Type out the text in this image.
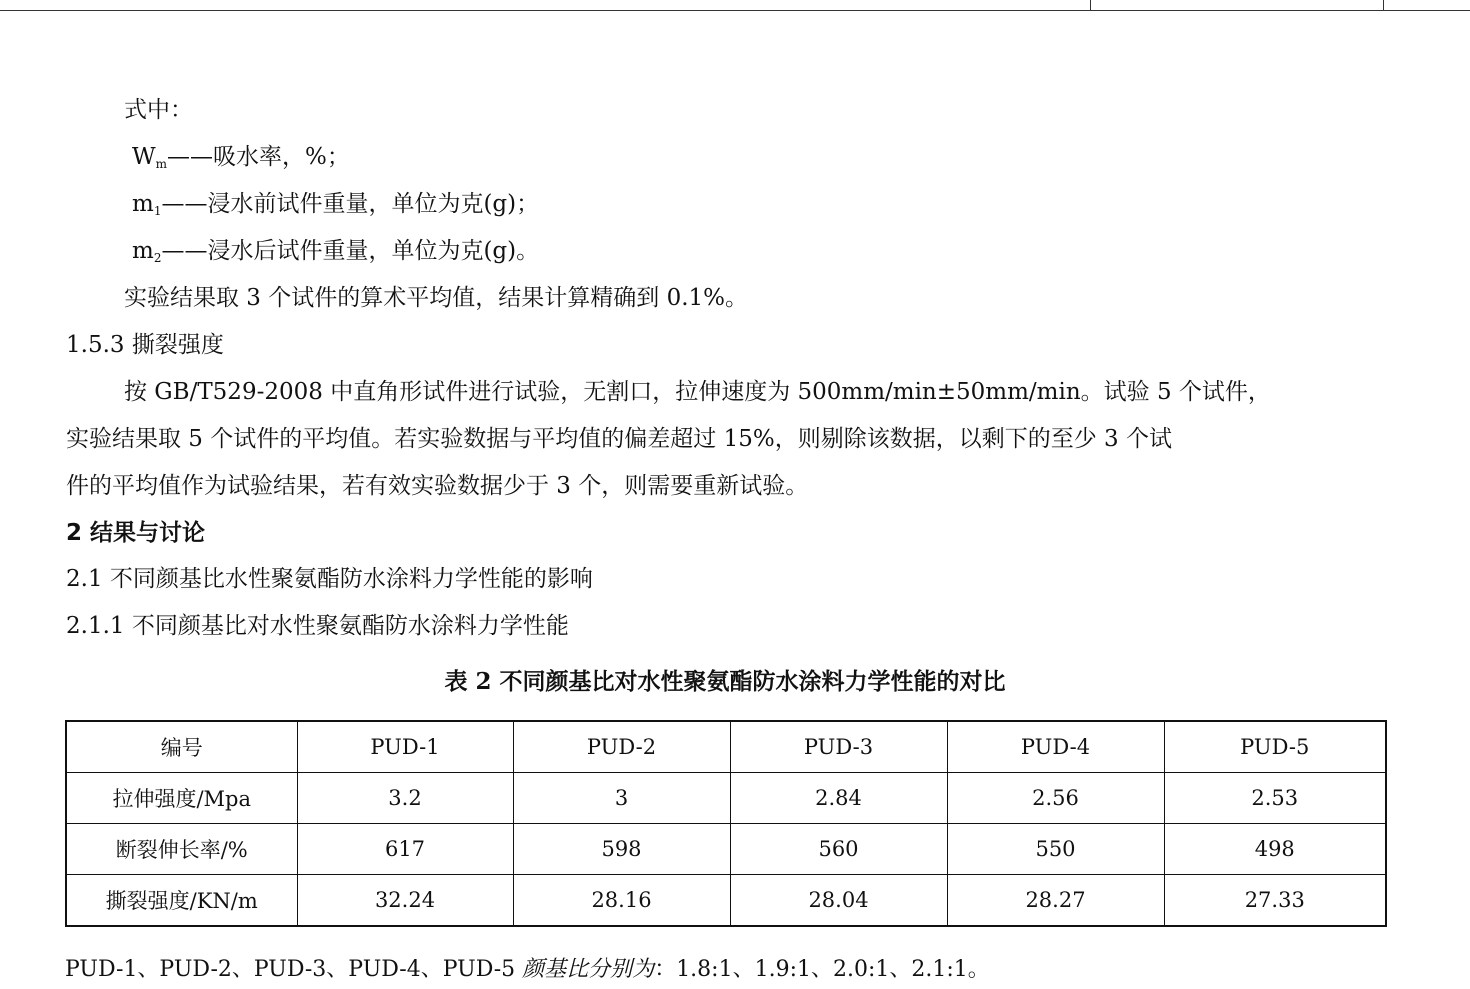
式中：
$W_m——$吸水率，%；
$m_1——$浸水前试件重量，单位为克(g)；
$m_2——$浸水后试件重量，单位为克(g)。
实验结果取 3 个试件的算术平均值，结果计算精确到 0.1%。
1.5.3 撕裂强度
按 GB/T529-2008 中直角形试件进行试验，无割口，拉伸速度为 500mm/min±50mm/min。试验 5 个试件，
实验结果取 5 个试件的平均值。若实验数据与平均值的偏差超过 15%，则剔除该数据，以剩下的至少 3 个试
件的平均值作为试验结果，若有效实验数据少于 3 个，则需要重新试验。
2 结果与讨论
2.1 不同颜基比水性聚氨酯防水涂料力学性能的影响
2.1.1 不同颜基比对水性聚氨酯防水涂料力学性能
表 2 不同颜基比对水性聚氨酯防水涂料力学性能的对比
编号	PUD-1	PUD-2	PUD-3	PUD-4	PUD-5
拉伸强度/Mpa	3.2	3	2.84	2.56	2.53
断裂伸长率/%	617	598	560	550	498
撕裂强度/KN/m	32.24	28.16	28.04	28.27	27.33
PUD-1、PUD-2、PUD-3、PUD-4、PUD-5 颜基比分别为：1.8:1、1.9:1、2.0:1、2.1:1。
